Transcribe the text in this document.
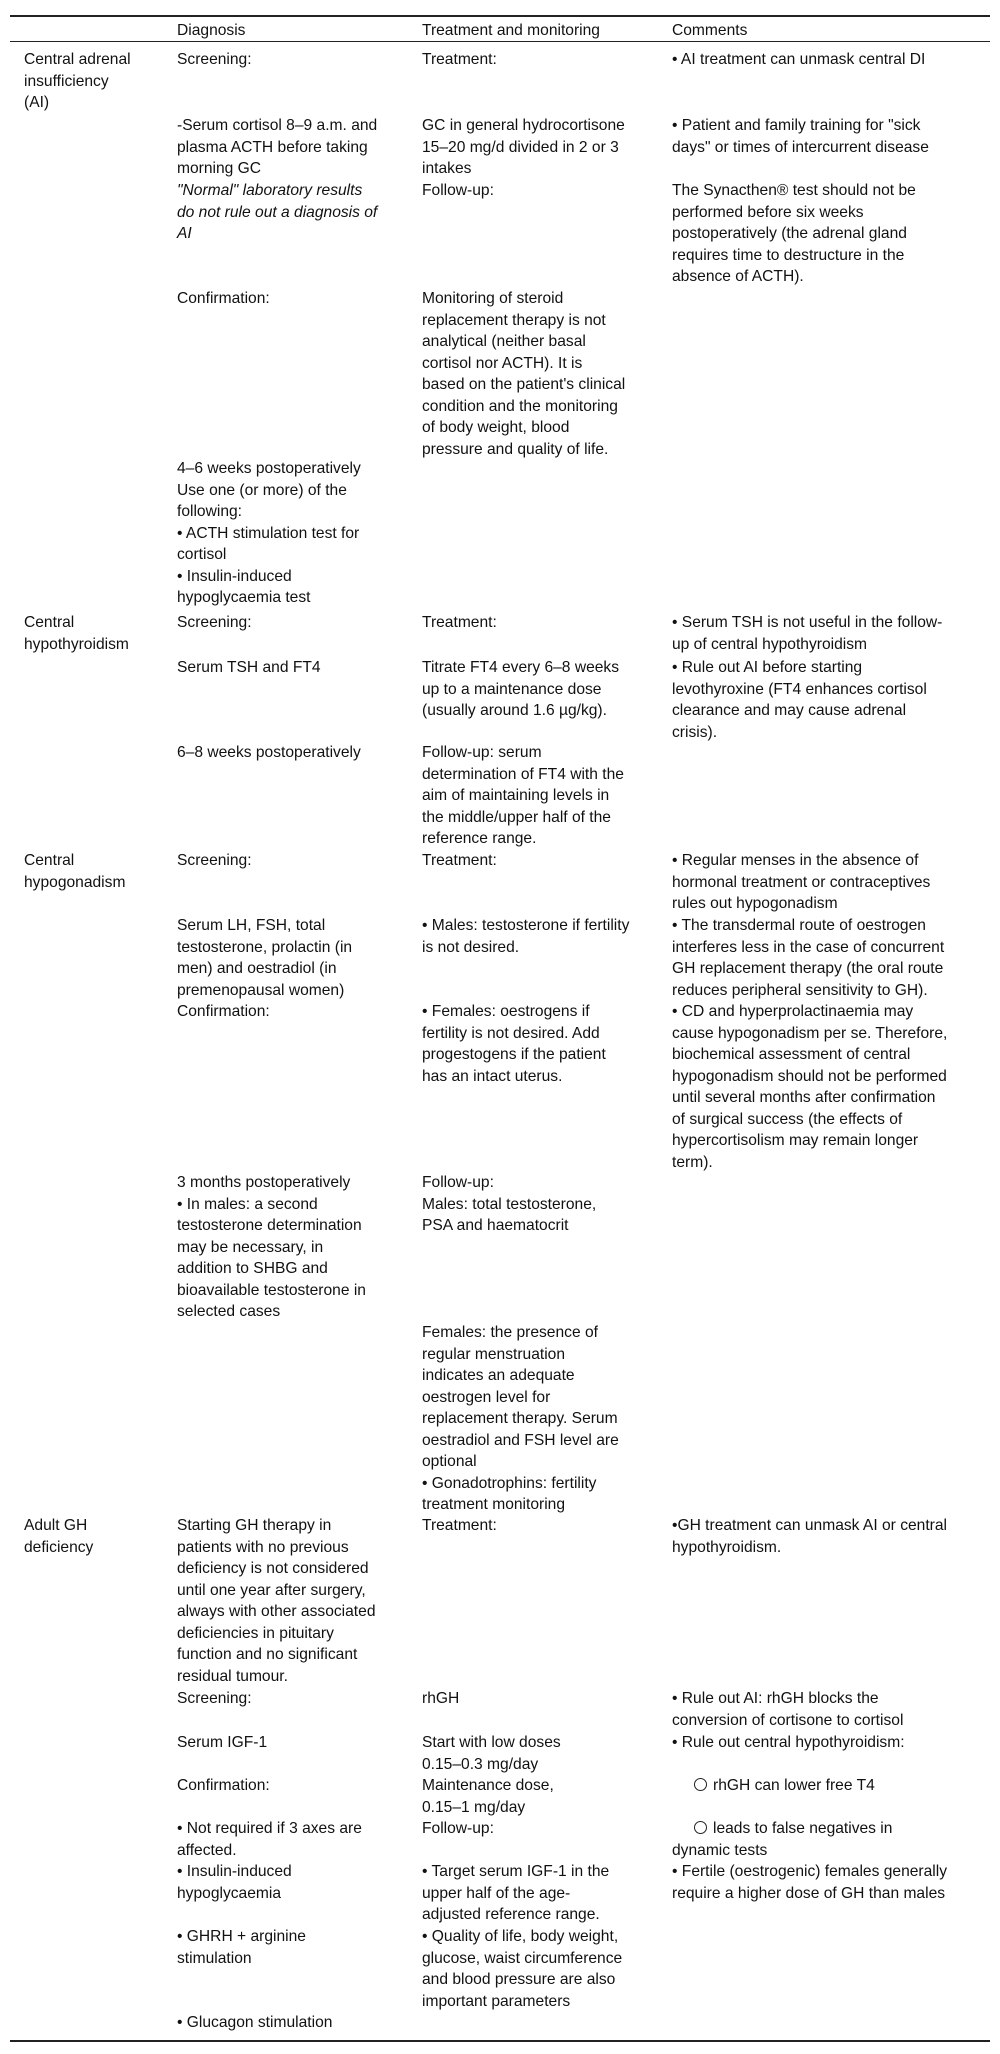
Diagnosis	Treatment and monitoring	Comments
Central adrenal
insufficiency
(AI)
Screening:
-Serum cortisol 8–9 a.m. and
plasma ACTH before taking
morning GC
"Normal" laboratory results
do not rule out a diagnosis of
AI
Confirmation:
4–6 weeks postoperatively
Use one (or more) of the
following:
• ACTH stimulation test for
cortisol
• Insulin-induced
hypoglycaemia test
Treatment:
GC in general hydrocortisone
15–20 mg/d divided in 2 or 3
intakes
Follow-up:
Monitoring of steroid
replacement therapy is not
analytical (neither basal
cortisol nor ACTH). It is
based on the patient's clinical
condition and the monitoring
of body weight, blood
pressure and quality of life.
• AI treatment can unmask central DI
• Patient and family training for "sick
days" or times of intercurrent disease
The Synacthen® test should not be
performed before six weeks
postoperatively (the adrenal gland
requires time to destructure in the
absence of ACTH).
Central
hypothyroidism
Screening:
Serum TSH and FT4
6–8 weeks postoperatively
Treatment:
Titrate FT4 every 6–8 weeks
up to a maintenance dose
(usually around 1.6 µg/kg).
Follow-up: serum
determination of FT4 with the
aim of maintaining levels in
the middle/upper half of the
reference range.
• Serum TSH is not useful in the follow-
up of central hypothyroidism
• Rule out AI before starting
levothyroxine (FT4 enhances cortisol
clearance and may cause adrenal
crisis).
Central
hypogonadism
Screening:
Serum LH, FSH, total
testosterone, prolactin (in
men) and oestradiol (in
premenopausal women)
Confirmation:
3 months postoperatively
• In males: a second
testosterone determination
may be necessary, in
addition to SHBG and
bioavailable testosterone in
selected cases
Treatment:
• Males: testosterone if fertility
is not desired.
• Females: oestrogens if
fertility is not desired. Add
progestogens if the patient
has an intact uterus.
Follow-up:
Males: total testosterone,
PSA and haematocrit
Females: the presence of
regular menstruation
indicates an adequate
oestrogen level for
replacement therapy. Serum
oestradiol and FSH level are
optional
• Gonadotrophins: fertility
treatment monitoring
• Regular menses in the absence of
hormonal treatment or contraceptives
rules out hypogonadism
• The transdermal route of oestrogen
interferes less in the case of concurrent
GH replacement therapy (the oral route
reduces peripheral sensitivity to GH).
• CD and hyperprolactinaemia may
cause hypogonadism per se. Therefore,
biochemical assessment of central
hypogonadism should not be performed
until several months after confirmation
of surgical success (the effects of
hypercortisolism may remain longer
term).
Adult GH
deficiency
Starting GH therapy in
patients with no previous
deficiency is not considered
until one year after surgery,
always with other associated
deficiencies in pituitary
function and no significant
residual tumour.
Screening:
Serum IGF-1
Confirmation:
• Not required if 3 axes are
affected.
• Insulin-induced
hypoglycaemia
• GHRH + arginine
stimulation
• Glucagon stimulation
Treatment:
rhGH
Start with low doses
0.15–0.3 mg/day
Maintenance dose,
0.15–1 mg/day
Follow-up:
• Target serum IGF-1 in the
upper half of the age-
adjusted reference range.
• Quality of life, body weight,
glucose, waist circumference
and blood pressure are also
important parameters
•GH treatment can unmask AI or central
hypothyroidism.
• Rule out AI: rhGH blocks the
conversion of cortisone to cortisol
• Rule out central hypothyroidism:
rhGH can lower free T4
leads to false negatives in
dynamic tests
• Fertile (oestrogenic) females generally
require a higher dose of GH than males
